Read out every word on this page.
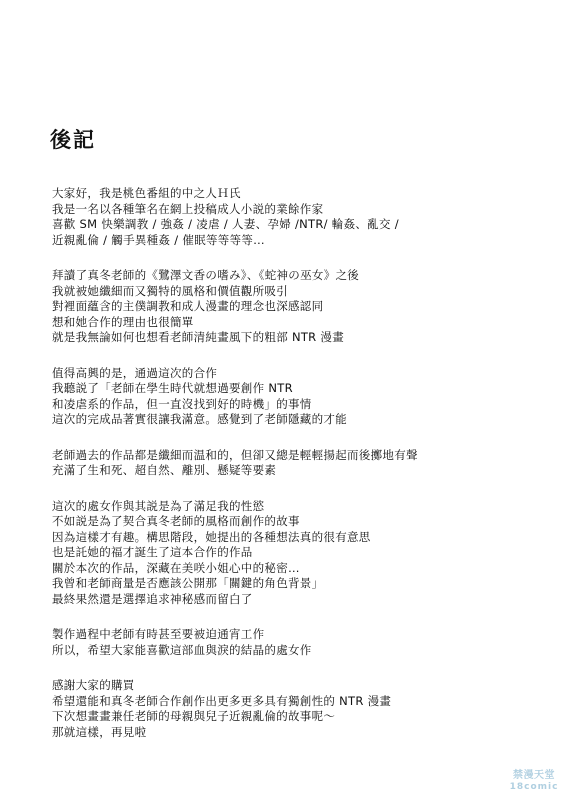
後記
大家好，我是桃色番組的中之人Ｈ氏
我是一名以各種筆名在網上投稿成人小説的業餘作家
喜歡 SM 快樂調教 / 強姦 / 凌虐 / 人妻、孕婦 /NTR/ 輪姦、亂交 /
近親亂倫 / 觸手異種姦 / 催眠等等等等…
拜讀了真冬老師的《鷺澤文香の嗜み》、《蛇神の巫女》之後
我就被她纖細而又獨特的風格和價值觀所吸引
對裡面蘊含的主僕調教和成人漫畫的理念也深感認同
想和她合作的理由也很簡單
就是我無論如何也想看老師清純畫風下的粗部 NTR 漫畫
值得高興的是，通過這次的合作
我聽説了「老師在學生時代就想過要創作 NTR
和凌虐系的作品，但一直沒找到好的時機」的事情
這次的完成品著實很讓我滿意。感覺到了老師隱藏的才能
老師過去的作品都是纖細而温和的，但卻又總是輕輕揚起而後擲地有聲
充滿了生和死、超自然、離別、懸疑等要素
這次的處女作與其説是為了滿足我的性慾
不如説是為了契合真冬老師的風格而創作的故事
因為這樣才有趣。構思階段，她提出的各種想法真的很有意思
也是託她的福才誕生了這本合作的作品
關於本次的作品，深藏在美咲小姐心中的秘密…
我曾和老師商量是否應該公開那「關鍵的角色背景」
最終果然還是選擇追求神秘感而留白了
製作過程中老師有時甚至要被迫通宵工作
所以，希望大家能喜歡這部血與淚的結晶的處女作
感謝大家的購買
希望還能和真冬老師合作創作出更多更多具有獨創性的 NTR 漫畫
下次想畫畫兼任老師的母親與兒子近親亂倫的故事呢～
那就這樣，再見啦
禁漫天堂
18comic
